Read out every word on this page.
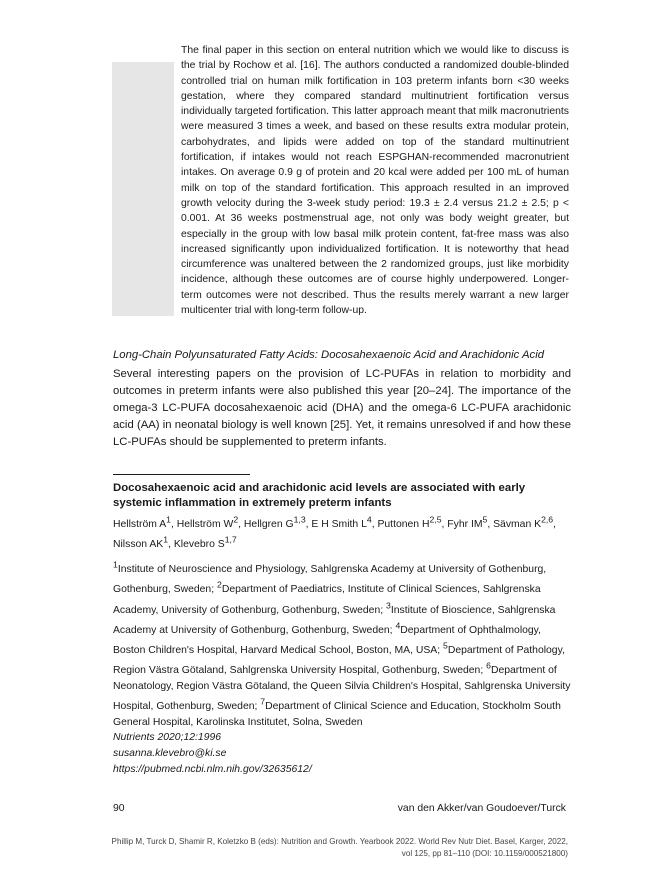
The final paper in this section on enteral nutrition which we would like to discuss is the trial by Rochow et al. [16]. The authors conducted a randomized double-blinded controlled trial on human milk fortification in 103 preterm infants born <30 weeks gestation, where they compared standard multinutrient fortification versus individually targeted fortification. This latter approach meant that milk macronutrients were measured 3 times a week, and based on these results extra modular protein, carbohydrates, and lipids were added on top of the standard multinutrient fortification, if intakes would not reach ESPGHAN-recommended macronutrient intakes. On average 0.9 g of protein and 20 kcal were added per 100 mL of human milk on top of the standard fortification. This approach resulted in an improved growth velocity during the 3-week study period: 19.3 ± 2.4 versus 21.2 ± 2.5; p < 0.001. At 36 weeks postmenstrual age, not only was body weight greater, but especially in the group with low basal milk protein content, fat-free mass was also increased significantly upon individualized fortification. It is noteworthy that head circumference was unaltered between the 2 randomized groups, just like morbidity incidence, although these outcomes are of course highly underpowered. Longer-term outcomes were not described. Thus the results merely warrant a new larger multicenter trial with long-term follow-up.

Long-Chain Polyunsaturated Fatty Acids: Docosahexaenoic Acid and Arachidonic Acid

Several interesting papers on the provision of LC-PUFAs in relation to morbidity and outcomes in preterm infants were also published this year [20–24]. The importance of the omega-3 LC-PUFA docosahexaenoic acid (DHA) and the omega-6 LC-PUFA arachidonic acid (AA) in neonatal biology is well known [25]. Yet, it remains unresolved if and how these LC-PUFAs should be supplemented to preterm infants.

Docosahexaenoic acid and arachidonic acid levels are associated with early systemic inflammation in extremely preterm infants

Hellström $A^1$, Hellström $W^2$, Hellgren G$^{1,3}$, E H Smith $L^4$, Puttonen H$^{2,5}$, Fyhr $IM^5$, Sävman K$^{2,6}$, Nilsson $AK^1$, Klevebro S$^{1,7}$

$^1$Institute of Neuroscience and Physiology, Sahlgrenska Academy at University of Gothenburg, Gothenburg, Sweden; $^2$Department of Paediatrics, Institute of Clinical Sciences, Sahlgrenska Academy, University of Gothenburg, Gothenburg, Sweden; $^3$Institute of Bioscience, Sahlgrenska Academy at University of Gothenburg, Gothenburg, Sweden; $^4$Department of Ophthalmology, Boston Children's Hospital, Harvard Medical School, Boston, MA, USA; $^5$Department of Pathology, Region Västra Götaland, Sahlgrenska University Hospital, Gothenburg, Sweden; $^6$Department of Neonatology, Region Västra Götaland, the Queen Silvia Children's Hospital, Sahlgrenska University Hospital, Gothenburg, Sweden; $^7$Department of Clinical Science and Education, Stockholm South General Hospital, Karolinska Institutet, Solna, Sweden

Nutrients 2020;12:1996

susanna.klevebro@ki.se

https://pubmed.ncbi.nlm.nih.gov/32635612/

90	van den Akker/van Goudoever/Turck
Phillip M, Turck D, Shamir R, Koletzko B (eds): Nutrition and Growth. Yearbook 2022. World Rev Nutr Diet. Basel, Karger, 2022,
vol 125, pp 81–110 (DOI: 10.1159/000521800)
